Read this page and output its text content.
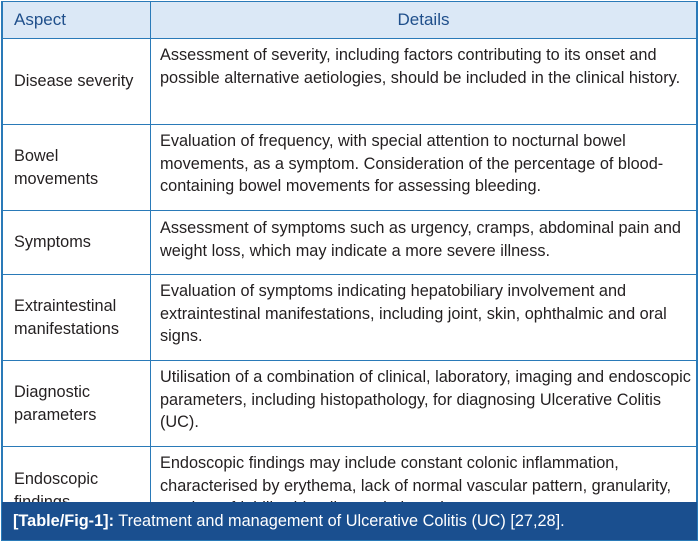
Aspect	Details
Disease severity	Assessment of severity, including factors contributing to its onset and possible alternative aetiologies, should be included in the clinical history.
Bowel movements	Evaluation of frequency, with special attention to nocturnal bowel movements, as a symptom. Consideration of the percentage of blood-containing bowel movements for assessing bleeding.
Symptoms	Assessment of symptoms such as urgency, cramps, abdominal pain and weight loss, which may indicate a more severe illness.
Extraintestinal manifestations	Evaluation of symptoms indicating hepatobiliary involvement and extraintestinal manifestations, including joint, skin, ophthalmic and oral signs.
Diagnostic parameters	Utilisation of a combination of clinical, laboratory, imaging and endoscopic parameters, including histopathology, for diagnosing Ulcerative Colitis (UC).
Endoscopic	Endoscopic findings may include constant colonic inflammation, characterised by erythema, lack of normal vascular pattern, granularity,
[Table/Fig-1]: Treatment and management of Ulcerative Colitis (UC) [27,28].
